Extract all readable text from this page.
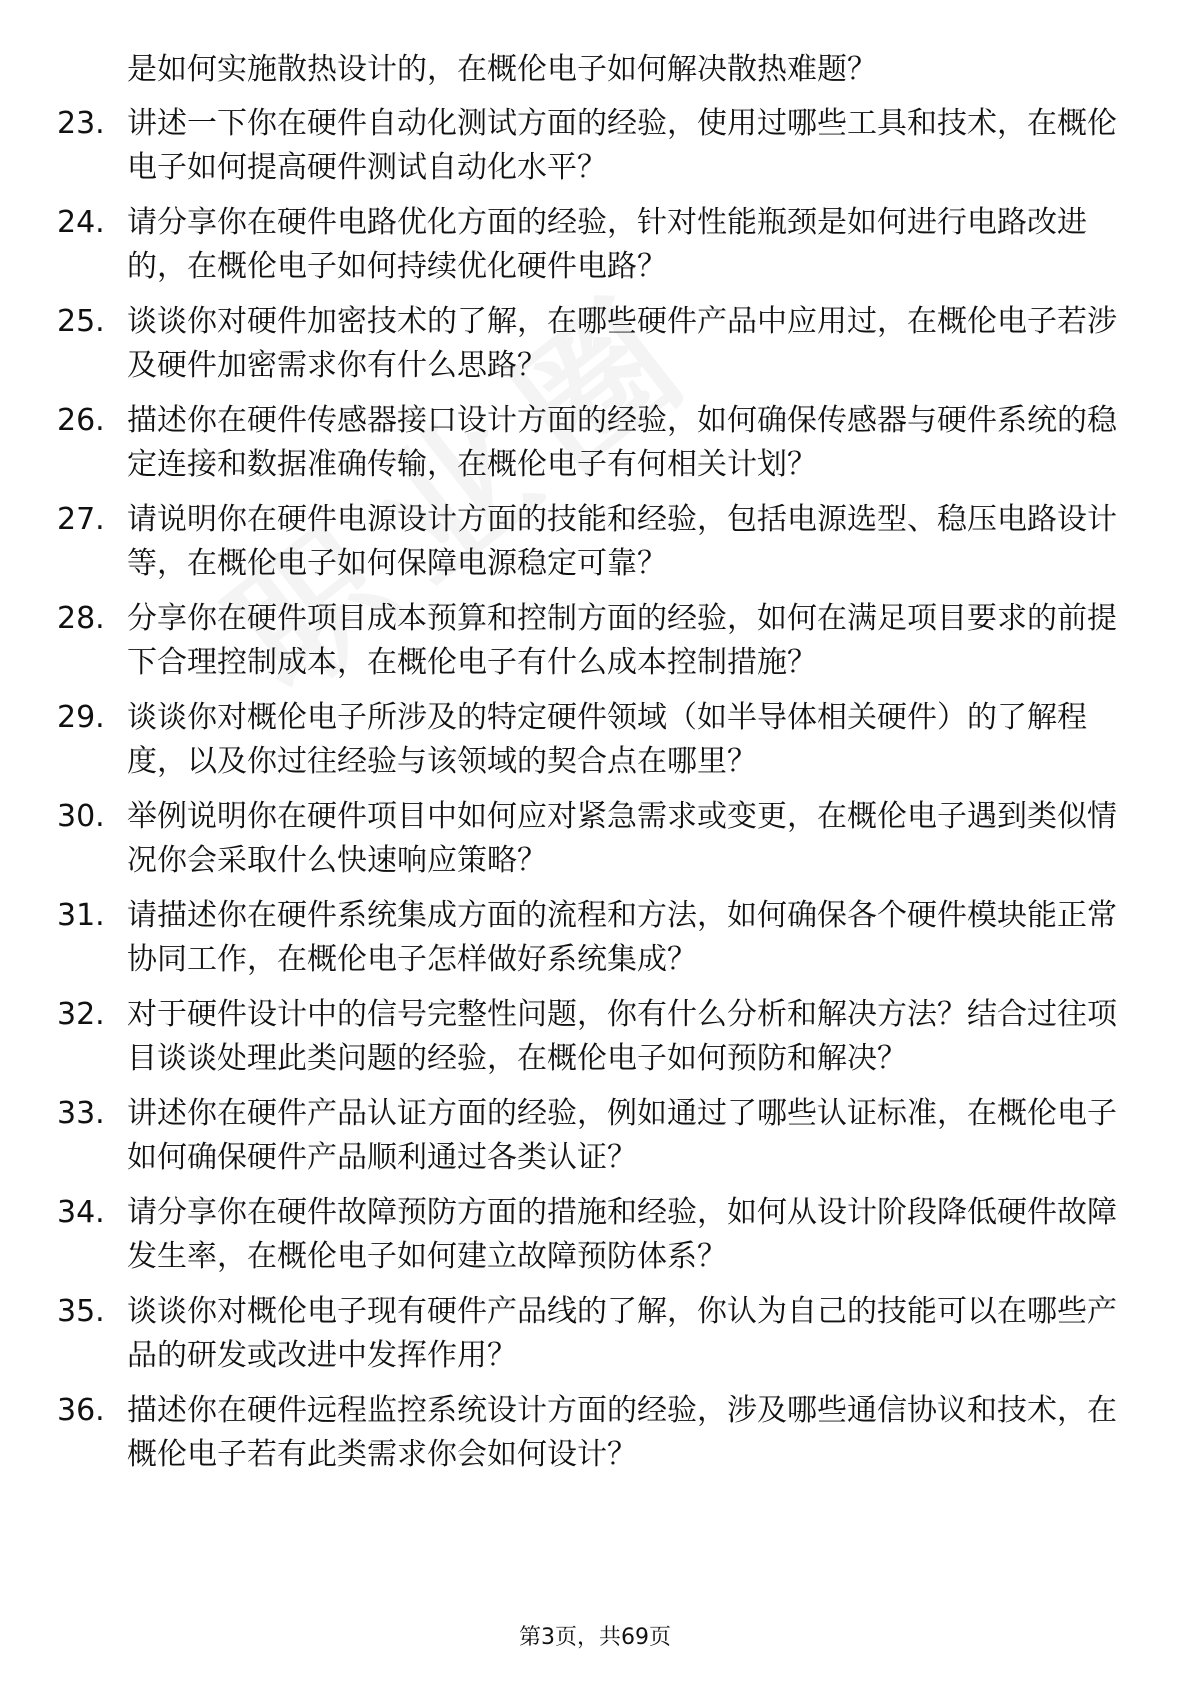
是如何实施散热设计的，在概伦电子如何解决散热难题？

23. 讲述一下你在硬件自动化测试方面的经验，使用过哪些工具和技术，在概伦电子如何提高硬件测试自动化水平？
24. 请分享你在硬件电路优化方面的经验，针对性能瓶颈是如何进行电路改进的，在概伦电子如何持续优化硬件电路？
25. 谈谈你对硬件加密技术的了解，在哪些硬件产品中应用过，在概伦电子若涉及硬件加密需求你有什么思路？
26. 描述你在硬件传感器接口设计方面的经验，如何确保传感器与硬件系统的稳定连接和数据准确传输，在概伦电子有何相关计划？
27. 请说明你在硬件电源设计方面的技能和经验，包括电源选型、稳压电路设计等，在概伦电子如何保障电源稳定可靠？
28. 分享你在硬件项目成本预算和控制方面的经验，如何在满足项目要求的前提下合理控制成本，在概伦电子有什么成本控制措施？
29. 谈谈你对概伦电子所涉及的特定硬件领域（如半导体相关硬件）的了解程度，以及你过往经验与该领域的契合点在哪里？
30. 举例说明你在硬件项目中如何应对紧急需求或变更，在概伦电子遇到类似情况你会采取什么快速响应策略？
31. 请描述你在硬件系统集成方面的流程和方法，如何确保各个硬件模块能正常协同工作，在概伦电子怎样做好系统集成？
32. 对于硬件设计中的信号完整性问题，你有什么分析和解决方法？结合过往项目谈谈处理此类问题的经验，在概伦电子如何预防和解决？
33. 讲述你在硬件产品认证方面的经验，例如通过了哪些认证标准，在概伦电子如何确保硬件产品顺利通过各类认证？
34. 请分享你在硬件故障预防方面的措施和经验，如何从设计阶段降低硬件故障发生率，在概伦电子如何建立故障预防体系？
35. 谈谈你对概伦电子现有硬件产品线的了解，你认为自己的技能可以在哪些产品的研发或改进中发挥作用？
36. 描述你在硬件远程监控系统设计方面的经验，涉及哪些通信协议和技术，在概伦电子若有此类需求你会如何设计？
第3页，共69页
